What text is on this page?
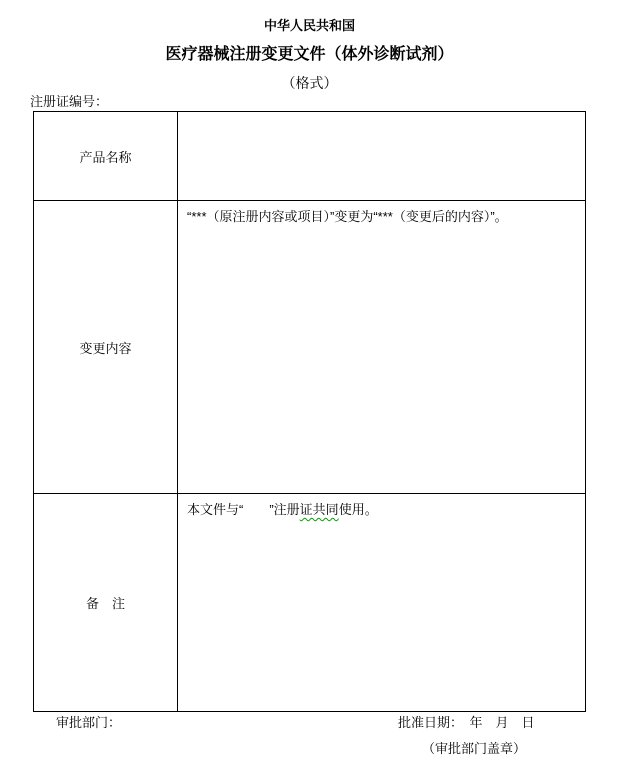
中华人民共和国
医疗器械注册变更文件（体外诊断试剂）
（格式）
注册证编号：
产品名称
变更内容
“***（原注册内容或项目）”变更为“***（变更后的内容）”。
备　注
本文件与“　　”注册证共同使用。
审批部门：	批准日期：　年　月　日
（审批部门盖章）
